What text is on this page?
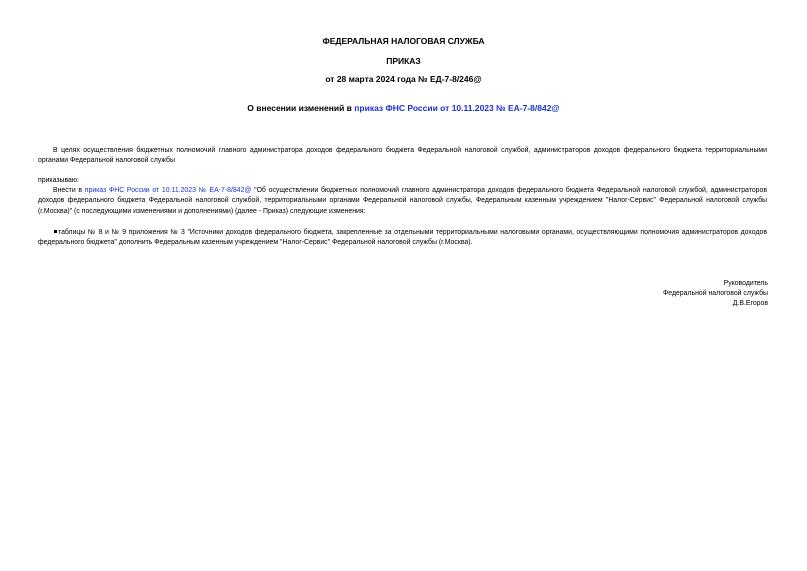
ФЕДЕРАЛЬНАЯ НАЛОГОВАЯ СЛУЖБА
ПРИКАЗ
от 28 марта 2024 года № ЕД-7-8/246@
О внесении изменений в приказ ФНС России от 10.11.2023 № ЕА-7-8/842@
В целях осуществления бюджетных полномочий главного администратора доходов федерального бюджета Федеральной налоговой службой, администраторов доходов федерального бюджета территориальными органами Федеральной налоговой службы
приказываю:
Внести в приказ ФНС России от 10.11.2023 № ЕА-7-8/842@ "Об осуществлении бюджетных полномочий главного администратора доходов федерального бюджета Федеральной налоговой службой, администраторов доходов федерального бюджета Федеральной налоговой службой, территориальными органами Федеральной налоговой службы, Федеральным казенным учреждением "Налог-Сервис" Федеральной налоговой службы (г.Москва)" (с последующими изменениями и дополнениями) (далее - Приказ) следующие изменения:
таблицы № 8 и № 9 приложения № 3 "Источники доходов федерального бюджета, закрепленные за отдельными территориальными налоговыми органами, осуществляющими полномочия администраторов доходов федерального бюджета" дополнить Федеральным казенным учреждением "Налог-Сервис" Федеральной налоговой службы (г.Москва).
Руководитель
Федеральной налоговой службы
Д.В.Егоров
